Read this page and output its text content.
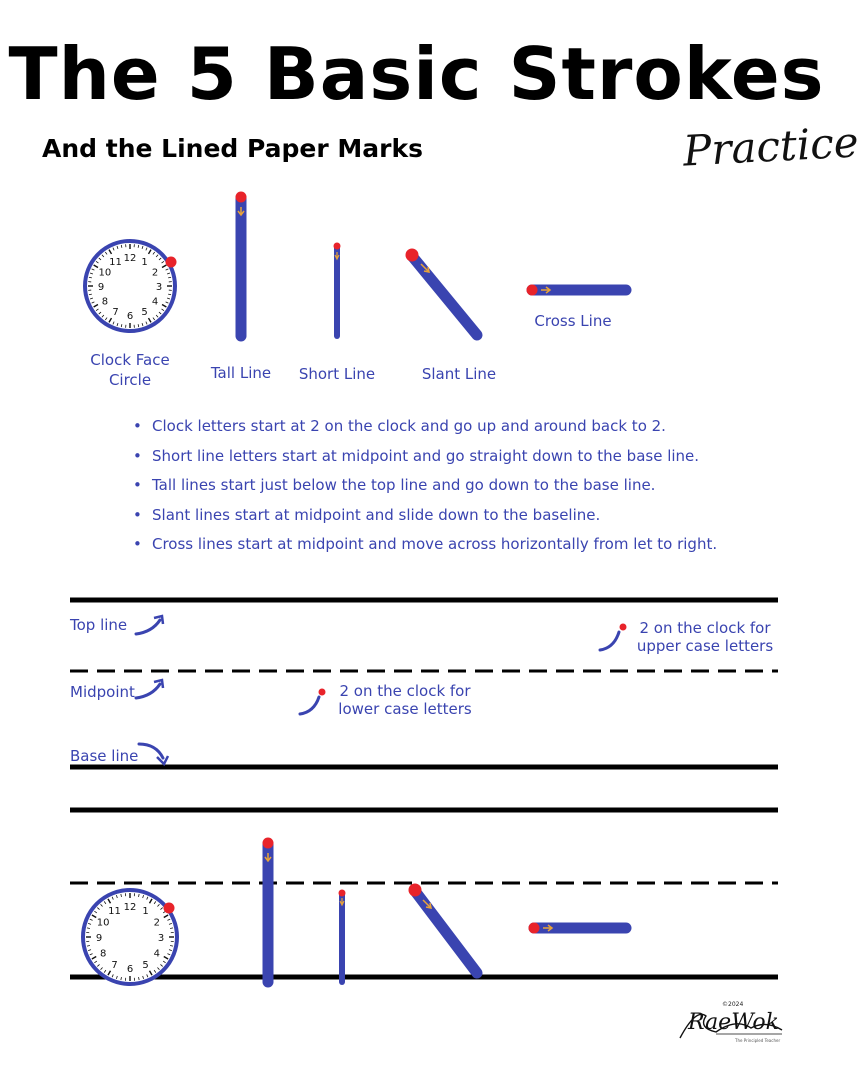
The 5 Basic Strokes
And the Lined Paper Marks	Practice
12 1
2
3
4
5
6
7
8
9
10
11
Clock Face
Circle	Tall Line	Short Line	Slant Line
Cross Line
• Clock letters start at 2 on the clock and go up and around back to 2.
• Short line letters start at midpoint and go straight down to the base line.
• Tall lines start just below the top line and go down to the base line.
• Slant lines start at midpoint and slide down to the baseline.
• Cross lines start at midpoint and move across horizontally from let to right.
Top line
Midpoint
Base line
2 on the clock for
upper case letters
2 on the clock for
lower case letters
12 1
2
3
4
5
6
7
8
9
10
11
RaeWok
©2024
The Principled Teacher
